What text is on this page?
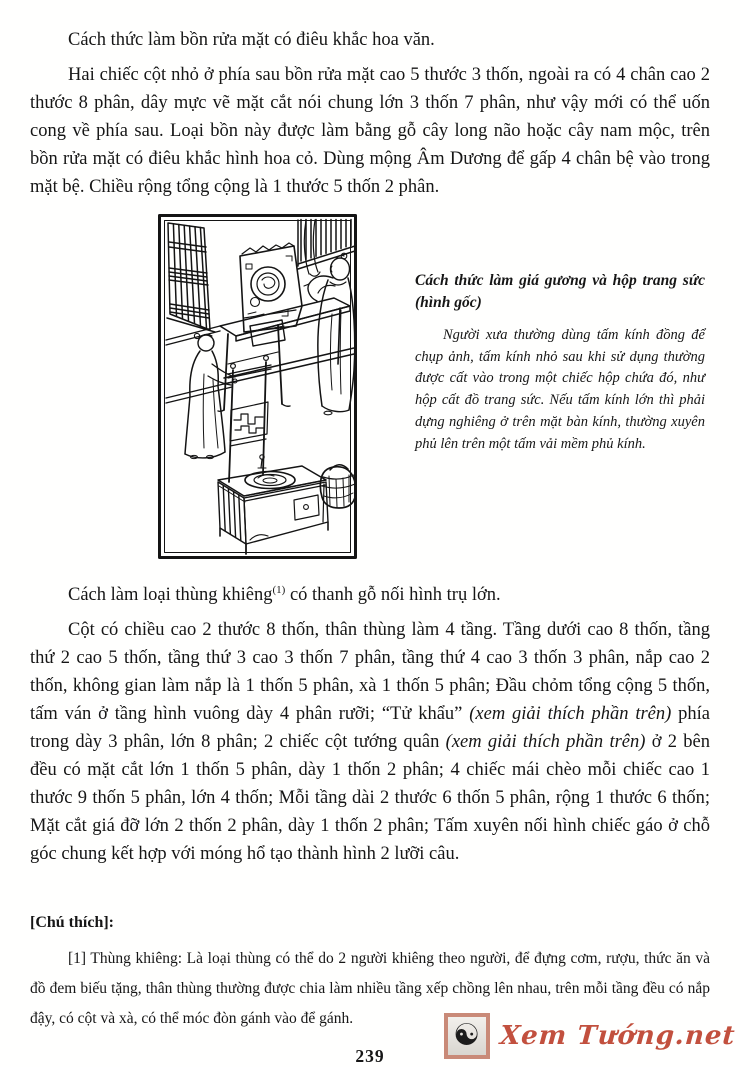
Cách thức làm bồn rửa mặt có điêu khắc hoa văn.

Hai chiếc cột nhỏ ở phía sau bồn rửa mặt cao 5 thước 3 thốn, ngoài ra có 4 chân cao 2 thước 8 phân, dây mực vẽ mặt cắt nói chung lớn 3 thốn 7 phân, như vậy mới có thể uốn cong về phía sau. Loại bồn này được làm bằng gỗ cây long não hoặc cây nam mộc, trên bồn rửa mặt có điêu khắc hình hoa cỏ. Dùng mộng Âm Dương để gấp 4 chân bệ vào trong mặt bệ. Chiều rộng tổng cộng là 1 thước 5 thốn 2 phân.

Cách thức làm giá gương và hộp trang sức (hình gốc)

Người xưa thường dùng tấm kính đồng để chụp ảnh, tấm kính nhỏ sau khi sử dụng thường được cất vào trong một chiếc hộp chứa đó, như hộp cất đồ trang sức. Nếu tấm kính lớn thì phải dựng nghiêng ở trên mặt bàn kính, thường xuyên phủ lên trên một tấm vải mềm phủ kính.

Cách làm loại thùng khiêng$^{(1)}$ có thanh gỗ nối hình trụ lớn.

Cột có chiều cao 2 thước 8 thốn, thân thùng làm 4 tầng. Tầng dưới cao 8 thốn, tầng thứ 2 cao 5 thốn, tầng thứ 3 cao 3 thốn 7 phân, tầng thứ 4 cao 3 thốn 3 phân, nắp cao 2 thốn, không gian làm nắp là 1 thốn 5 phân, xà 1 thốn 5 phân; Đầu chỏm tổng cộng 5 thốn, tấm ván ở tầng hình vuông dày 4 phân rưỡi; “Tử khẩu” (xem giải thích phần trên) phía trong dày 3 phân, lớn 8 phân; 2 chiếc cột tướng quân (xem giải thích phần trên) ở 2 bên đều có mặt cắt lớn 1 thốn 5 phân, dày 1 thốn 2 phân; 4 chiếc mái chèo mỗi chiếc cao 1 thước 9 thốn 5 phân, lớn 4 thốn; Mỗi tầng dài 2 thước 6 thốn 5 phân, rộng 1 thước 6 thốn; Mặt cắt giá đỡ lớn 2 thốn 2 phân, dày 1 thốn 2 phân; Tấm xuyên nối hình chiếc gáo ở chỗ góc chung kết hợp với móng hổ tạo thành hình 2 lưỡi câu.

[Chú thích]:

[1] Thùng khiêng: Là loại thùng có thể do 2 người khiêng theo người, để đựng cơm, rượu, thức ăn và đồ đem biếu tặng, thân thùng thường được chia làm nhiều tầng xếp chồng lên nhau, trên mỗi tầng đều có nắp đậy, có cột và xà, có thể móc đòn gánh vào để gánh.

239
☯ Xem Tướng.net
